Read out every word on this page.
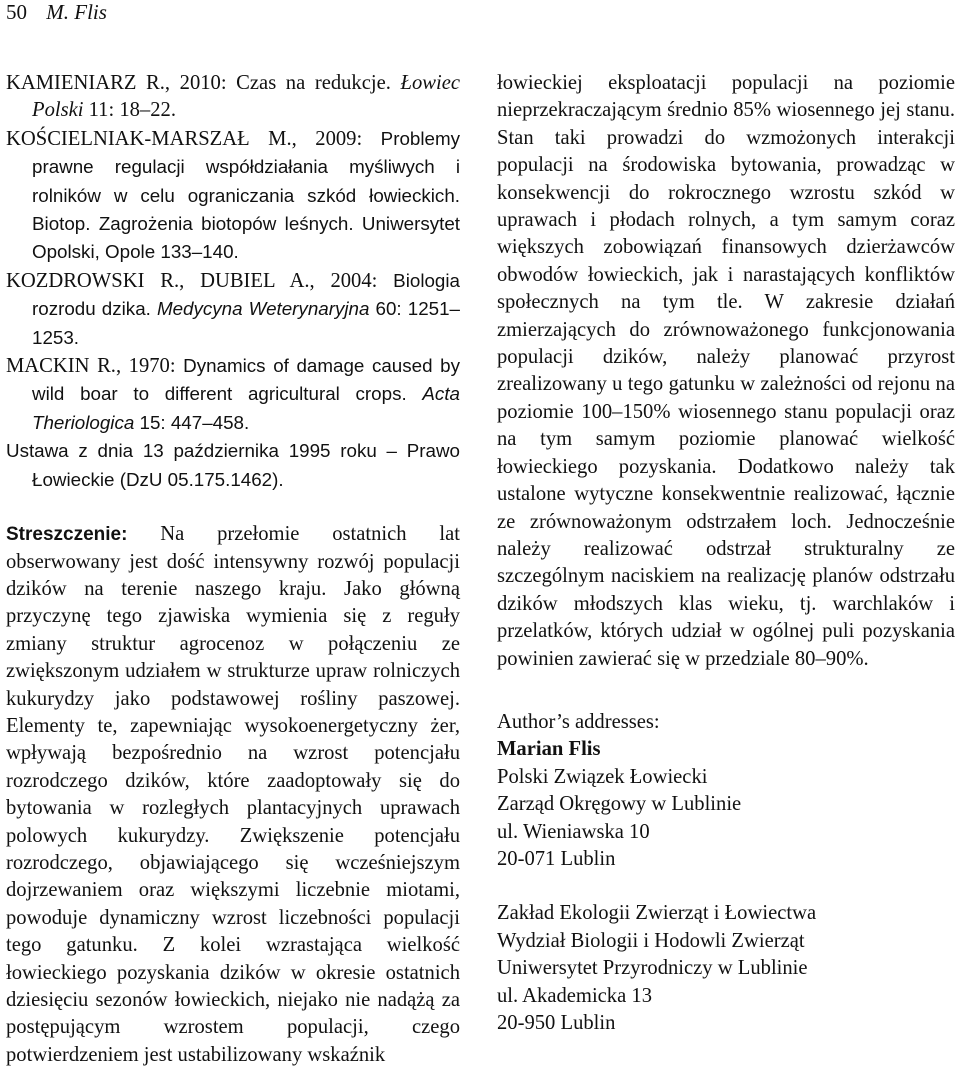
50 M. Flis

KAMIENIARZ R., 2010: Czas na redukcje. Łowiec Polski 11: 18–22.

KOŚCIELNIAK-MARSZAŁ M., 2009: Problemy prawne regulacji współdziałania myśliwych i rolników w celu ograniczania szkód łowieckich. Biotop. Zagrożenia biotopów leśnych. Uniwersytet Opolski, Opole 133–140.

KOZDROWSKI R., DUBIEL A., 2004: Biologia rozrodu dzika. Medycyna Weterynaryjna 60: 1251–1253.

MACKIN R., 1970: Dynamics of damage caused by wild boar to different agricultural crops. Acta Theriologica 15: 447–458.

Ustawa z dnia 13 października 1995 roku – Prawo Łowieckie (DzU 05.175.1462).

Streszczenie: Na przełomie ostatnich lat obserwowany jest dość intensywny rozwój populacji dzików na terenie naszego kraju. Jako główną przyczynę tego zjawiska wymienia się z reguły zmiany struktur agrocenoz w połączeniu ze zwiększonym udziałem w strukturze upraw rolniczych kukurydzy jako podstawowej rośliny paszowej. Elementy te, zapewniając wysokoenergetyczny żer, wpływają bezpośrednio na wzrost potencjału rozrodczego dzików, które zaadoptowały się do bytowania w rozległych plantacyjnych uprawach polowych kukurydzy. Zwiększenie potencjału rozrodczego, objawiającego się wcześniejszym dojrzewaniem oraz większymi liczebnie miotami, powoduje dynamiczny wzrost liczebności populacji tego gatunku. Z kolei wzrastająca wielkość łowieckiego pozyskania dzików w okresie ostatnich dziesięciu sezonów łowieckich, niejako nie nadążą za postępującym wzrostem populacji, czego potwierdzeniem jest ustabilizowany wskaźnik

łowieckiej eksploatacji populacji na poziomie nieprzekraczającym średnio 85% wiosennego jej stanu. Stan taki prowadzi do wzmożonych interakcji populacji na środowiska bytowania, prowadząc w konsekwencji do rokrocznego wzrostu szkód w uprawach i płodach rolnych, a tym samym coraz większych zobowiązań finansowych dzierżawców obwodów łowieckich, jak i narastających konfliktów społecznych na tym tle. W zakresie działań zmierzających do zrównoważonego funkcjonowania populacji dzików, należy planować przyrost zrealizowany u tego gatunku w zależności od rejonu na poziomie 100–150% wiosennego stanu populacji oraz na tym samym poziomie planować wielkość łowieckiego pozyskania. Dodatkowo należy tak ustalone wytyczne konsekwentnie realizować, łącznie ze zrównoważonym odstrzałem loch. Jednocześnie należy realizować odstrzał strukturalny ze szczególnym naciskiem na realizację planów odstrzału dzików młodszych klas wieku, tj. warchlaków i przelatków, których udział w ogólnej puli pozyskania powinien zawierać się w przedziale 80–90%.

Author’s addresses:

Marian Flis
Polski Związek Łowiecki
Zarząd Okręgowy w Lublinie
ul. Wieniawska 10
20-071 Lublin
Zakład Ekologii Zwierząt i Łowiectwa
Wydział Biologii i Hodowli Zwierząt
Uniwersytet Przyrodniczy w Lublinie
ul. Akademicka 13
20-950 Lublin
